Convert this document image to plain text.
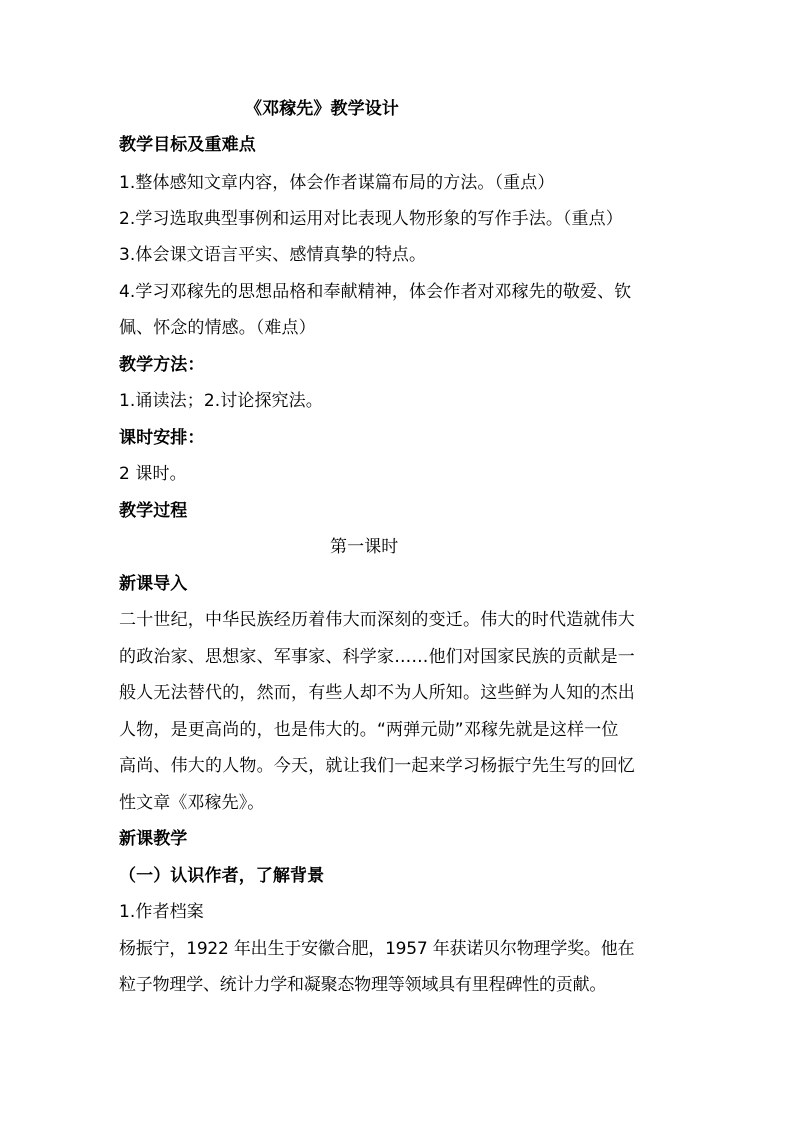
《邓稼先》教学设计
教学目标及重难点
1.整体感知文章内容，体会作者谋篇布局的方法。（重点）
2.学习选取典型事例和运用对比表现人物形象的写作手法。（重点）
3.体会课文语言平实、感情真挚的特点。
4.学习邓稼先的思想品格和奉献精神，体会作者对邓稼先的敬爱、钦
佩、怀念的情感。（难点）
教学方法：
1.诵读法；2.讨论探究法。
课时安排：
2 课时。
教学过程
第一课时
新课导入
二十世纪，中华民族经历着伟大而深刻的变迁。伟大的时代造就伟大
的政治家、思想家、军事家、科学家……他们对国家民族的贡献是一
般人无法替代的，然而，有些人却不为人所知。这些鲜为人知的杰出
人物，是更高尚的，也是伟大的。“两弹元勋”邓稼先就是这样一位
高尚、伟大的人物。今天，就让我们一起来学习杨振宁先生写的回忆
性文章《邓稼先》。
新课教学
（一）认识作者，了解背景
1.作者档案
杨振宁，1922 年出生于安徽合肥，1957 年获诺贝尔物理学奖。他在
粒子物理学、统计力学和凝聚态物理等领域具有里程碑性的贡献。
